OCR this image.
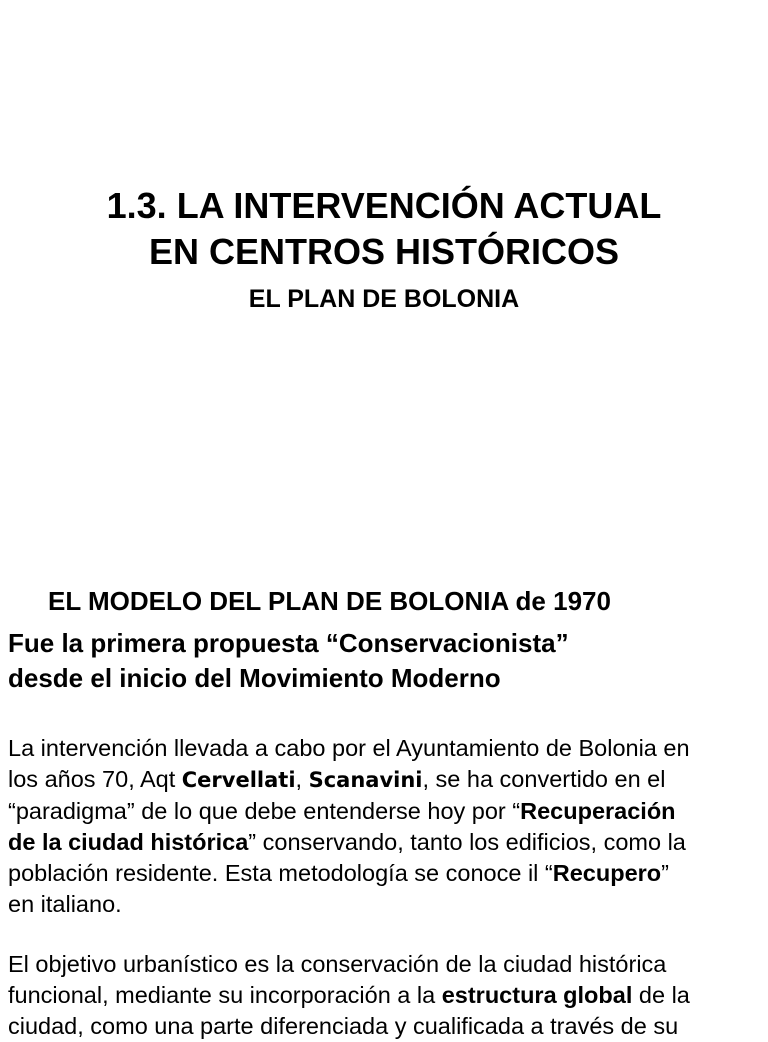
1.3. LA INTERVENCIÓN ACTUAL
EN CENTROS HISTÓRICOS
EL PLAN DE BOLONIA
EL MODELO DEL PLAN DE BOLONIA de 1970
Fue la primera propuesta “Conservacionista”
desde el inicio del Movimiento Moderno
La intervención llevada a cabo por el Ayuntamiento de Bolonia en
los años 70, Aqt Cervellati, Scanavini, se ha convertido en el
“paradigma” de lo que debe entenderse hoy por “Recuperación
de la ciudad histórica” conservando, tanto los edificios, como la
población residente. Esta metodología se conoce il “Recupero”
en italiano.
El objetivo urbanístico es la conservación de la ciudad histórica
funcional, mediante su incorporación a la estructura global de la
ciudad, como una parte diferenciada y cualificada a través de su
